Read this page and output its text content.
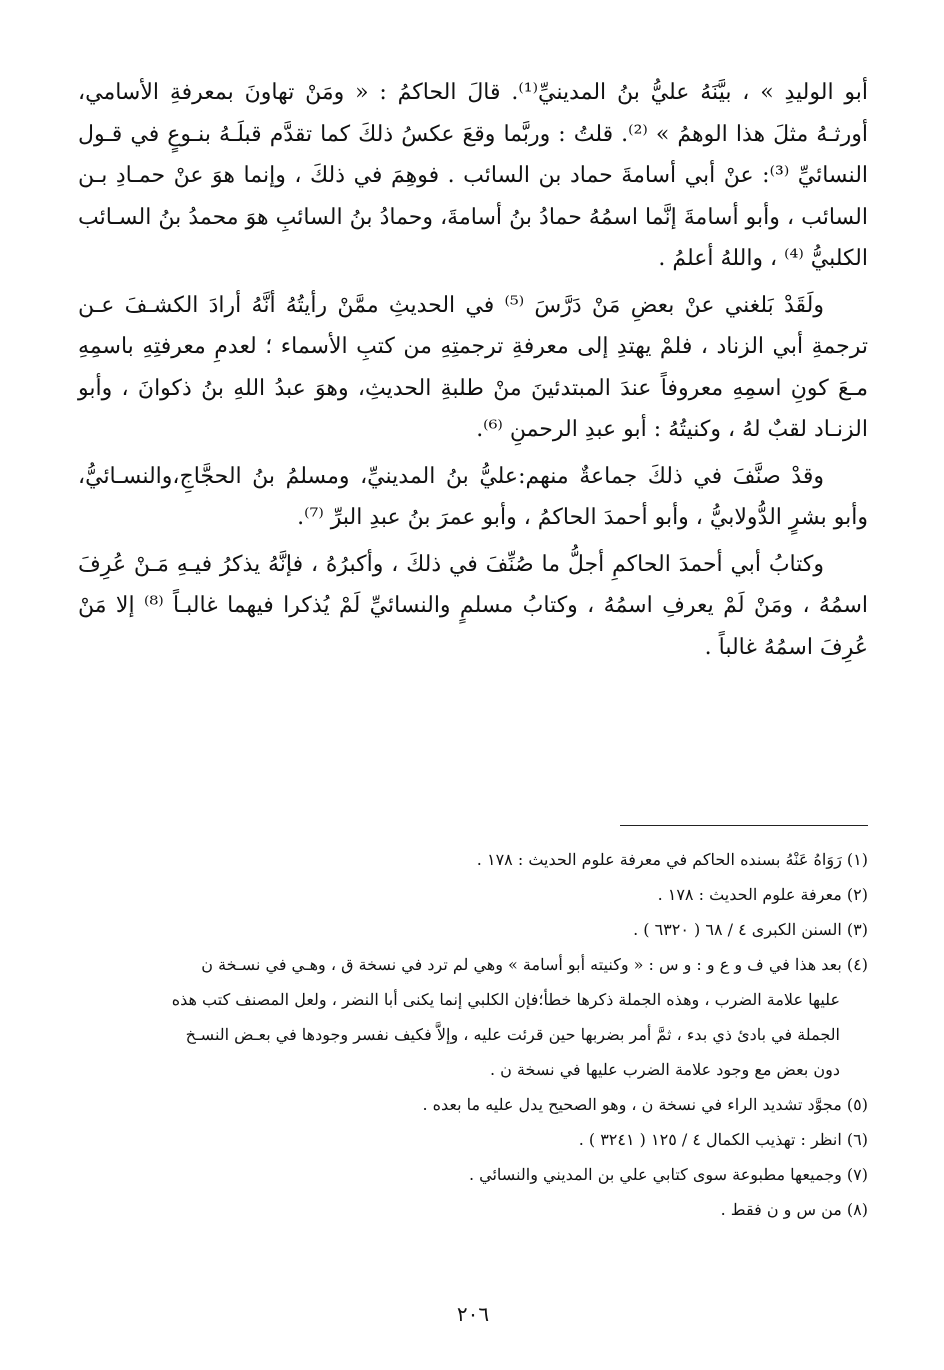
أبو الوليدِ » ، بيَّنَهُ عليُّ بنُ المدينيِّ⁽¹⁾. قالَ الحاكمُ : « ومَنْ تهاونَ بمعرفةِ الأسامي، أورثـهُ مثلَ هذا الوهمُ » ⁽²⁾. قلتُ : وربَّما وقعَ عكسُ ذلكَ كما تقدَّم قبلَـهُ بنـوعٍ في قـول النسائيِّ ⁽³⁾: عنْ أبي أسامةَ حماد بن السائب . فوهِمَ في ذلكَ ، وإنما هوَ عنْ حمـادِ بـن السائب ، وأبو أسامةَ إنَّما اسمُهُ حمادُ بنُ أسامةَ، وحمادُ بنُ السائبِ هوَ محمدُ بنُ السـائب الكلبيُّ ⁽⁴⁾ ، واللهُ أعلمُ .

ولَقَدْ بَلغني عنْ بعضِ مَنْ دَرَّسَ ⁽⁵⁾ في الحديثِ ممَّنْ رأيتُهُ أنَّهُ أرادَ الكشـفَ عـن ترجمةِ أبي الزناد ، فلمْ يهتدِ إلى معرفةِ ترجمتِهِ من كتبِ الأسماء ؛ لعدمِ معرفتِهِ باسمِهِ مـعَ كونِ اسمِهِ معروفاً عندَ المبتدئينَ منْ طلبةِ الحديثِ، وهوَ عبدُ اللهِ بنُ ذكوانَ ، وأبو الزنـاد لقبٌ لهُ ، وكنيتُهُ : أبو عبدِ الرحمنِ ⁽⁶⁾.

وقدْ صنَّفَ في ذلكَ جماعةٌ منهم:عليُّ بنُ المدينيِّ، ومسلمُ بنُ الحجَّاجِ،والنسـائيُّ، وأبو بشرٍ الدُّولابيُّ ، وأبو أحمدَ الحاكمُ ، وأبو عمرَ بنُ عبدِ البرِّ ⁽⁷⁾.

وكتابُ أبي أحمدَ الحاكمِ أجلُّ ما صُنِّفَ في ذلكَ ، وأكبرُهُ ، فإنَّهُ يذكرُ فيـهِ مَـنْ عُرِفَ اسمُهُ ، ومَنْ لَمْ يعرفِ اسمُهُ ، وكتابُ مسلمٍ والنسائيِّ لَمْ يُذكرا فيهما غالبـاً ⁽⁸⁾ إلا مَنْ عُرِفَ اسمُهُ غالباً .

(١) رَوَاهُ عَنْهُ بسنده الحاكم في معرفة علوم الحديث : ١٧٨ .
(٢) معرفة علوم الحديث : ١٧٨ .
(٣) السنن الكبرى ٤ / ٦٨ ( ٦٣٢٠ ) .
(٤) بعد هذا في ف و ع و : و س : « وكنيته أبو أسامة » وهي لم ترد في نسخة ق ، وهـي في نسـخة ن
عليها علامة الضرب ، وهذه الجملة ذكرها خطأ؛فإن الكلبي إنما يكنى أبا النضر ، ولعل المصنف كتب هذه
الجملة في بادئ ذي بدء ، ثمَّ أمر بضربها حين قرئت عليه ، وإلاَّ فكيف نفسر وجودها في بعـض النسـخ
دون بعض مع وجود علامة الضرب عليها في نسخة ن .
(٥) مجوَّد تشديد الراء في نسخة ن ، وهو الصحيح يدل عليه ما بعده .
(٦) انظر : تهذيب الكمال ٤ / ١٢٥ ( ٣٢٤١ ) .
(٧) وجميعها مطبوعة سوى كتابي علي بن المديني والنسائي .
(٨) من س و ن فقط .
٢٠٦
